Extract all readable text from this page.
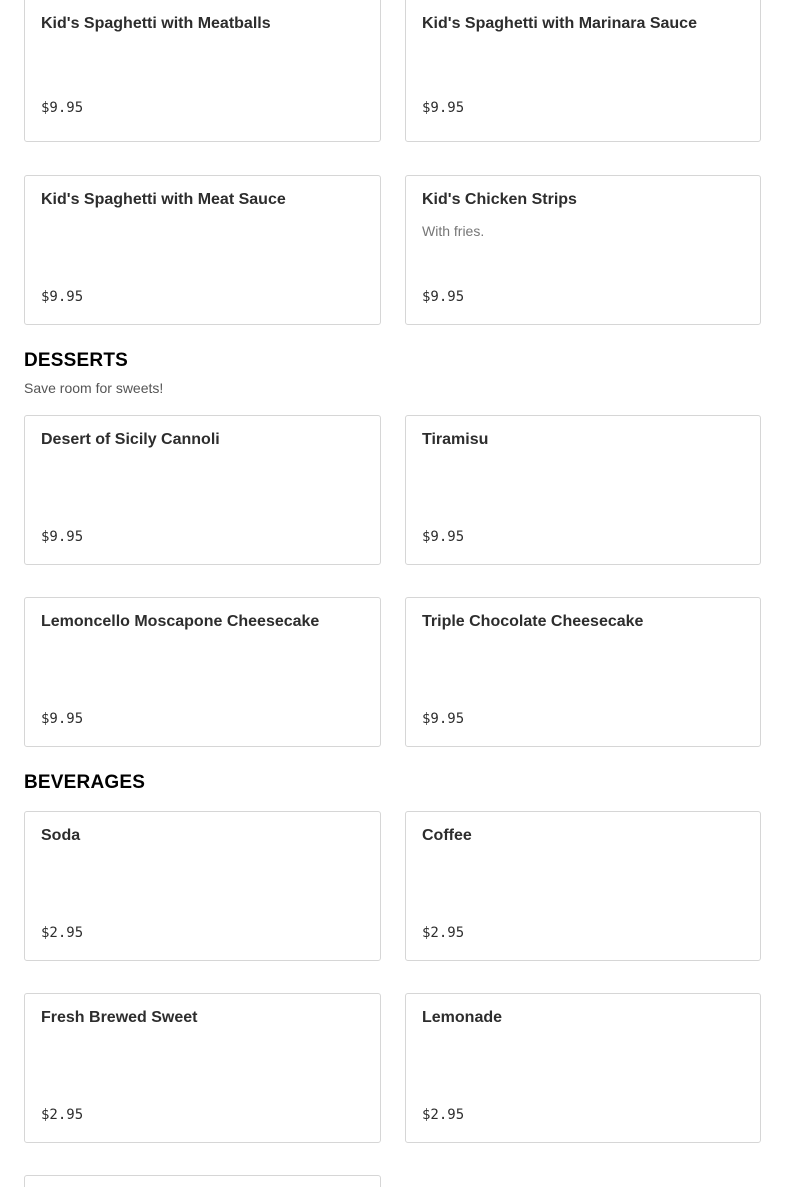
Kid's Spaghetti with Meatballs
$9.95
Kid's Spaghetti with Marinara Sauce
$9.95
Kid's Spaghetti with Meat Sauce
$9.95
Kid's Chicken Strips
With fries.
$9.95
DESSERTS

Save room for sweets!

Desert of Sicily Cannoli
$9.95
Tiramisu
$9.95
Lemoncello Moscapone Cheesecake
$9.95
Triple Chocolate Cheesecake
$9.95
BEVERAGES
Soda
$2.95
Coffee
$2.95
Fresh Brewed Sweet
$2.95
Lemonade
$2.95
